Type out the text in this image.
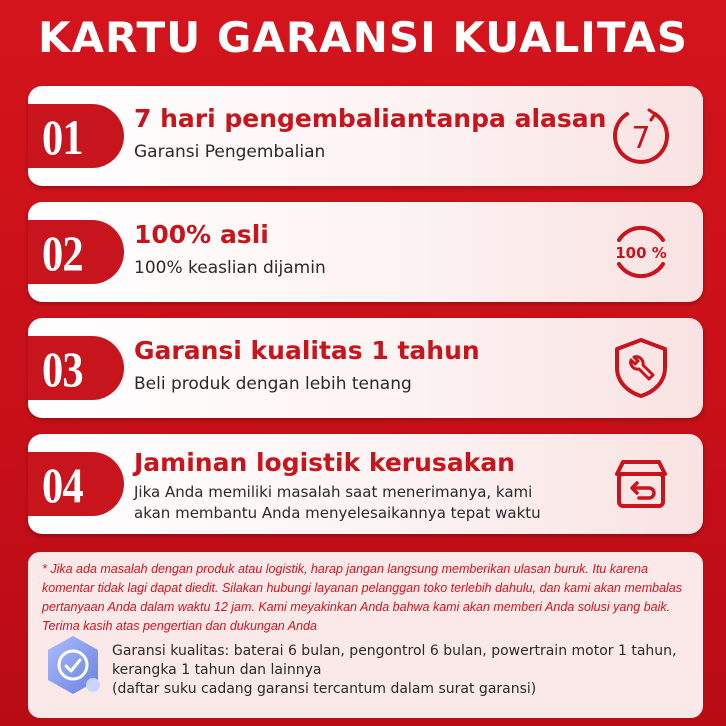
KARTU GARANSI KUALITAS
01 7 hari pengembaliantanpa alasan
Garansi Pengembalian	7
02 100% asli
100% keaslian dijamin
100 %
03 Garansi kualitas 1 tahun
Beli produk dengan lebih tenang
04 Jaminan logistik kerusakan
Jika Anda memiliki masalah saat menerimanya, kami
akan membantu Anda menyelesaikannya tepat waktu
* Jika ada masalah dengan produk atau logistik, harap jangan langsung memberikan ulasan buruk. Itu karena komentar tidak lagi dapat diedit. Silakan hubungi layanan pelanggan toko terlebih dahulu, dan kami akan membalas pertanyaan Anda dalam waktu 12 jam. Kami meyakinkan Anda bahwa kami akan memberi Anda solusi yang baik. Terima kasih atas pengertian dan dukungan Anda
Garansi kualitas: baterai 6 bulan, pengontrol 6 bulan, powertrain motor 1 tahun,
kerangka 1 tahun dan lainnya
(daftar suku cadang garansi tercantum dalam surat garansi)
